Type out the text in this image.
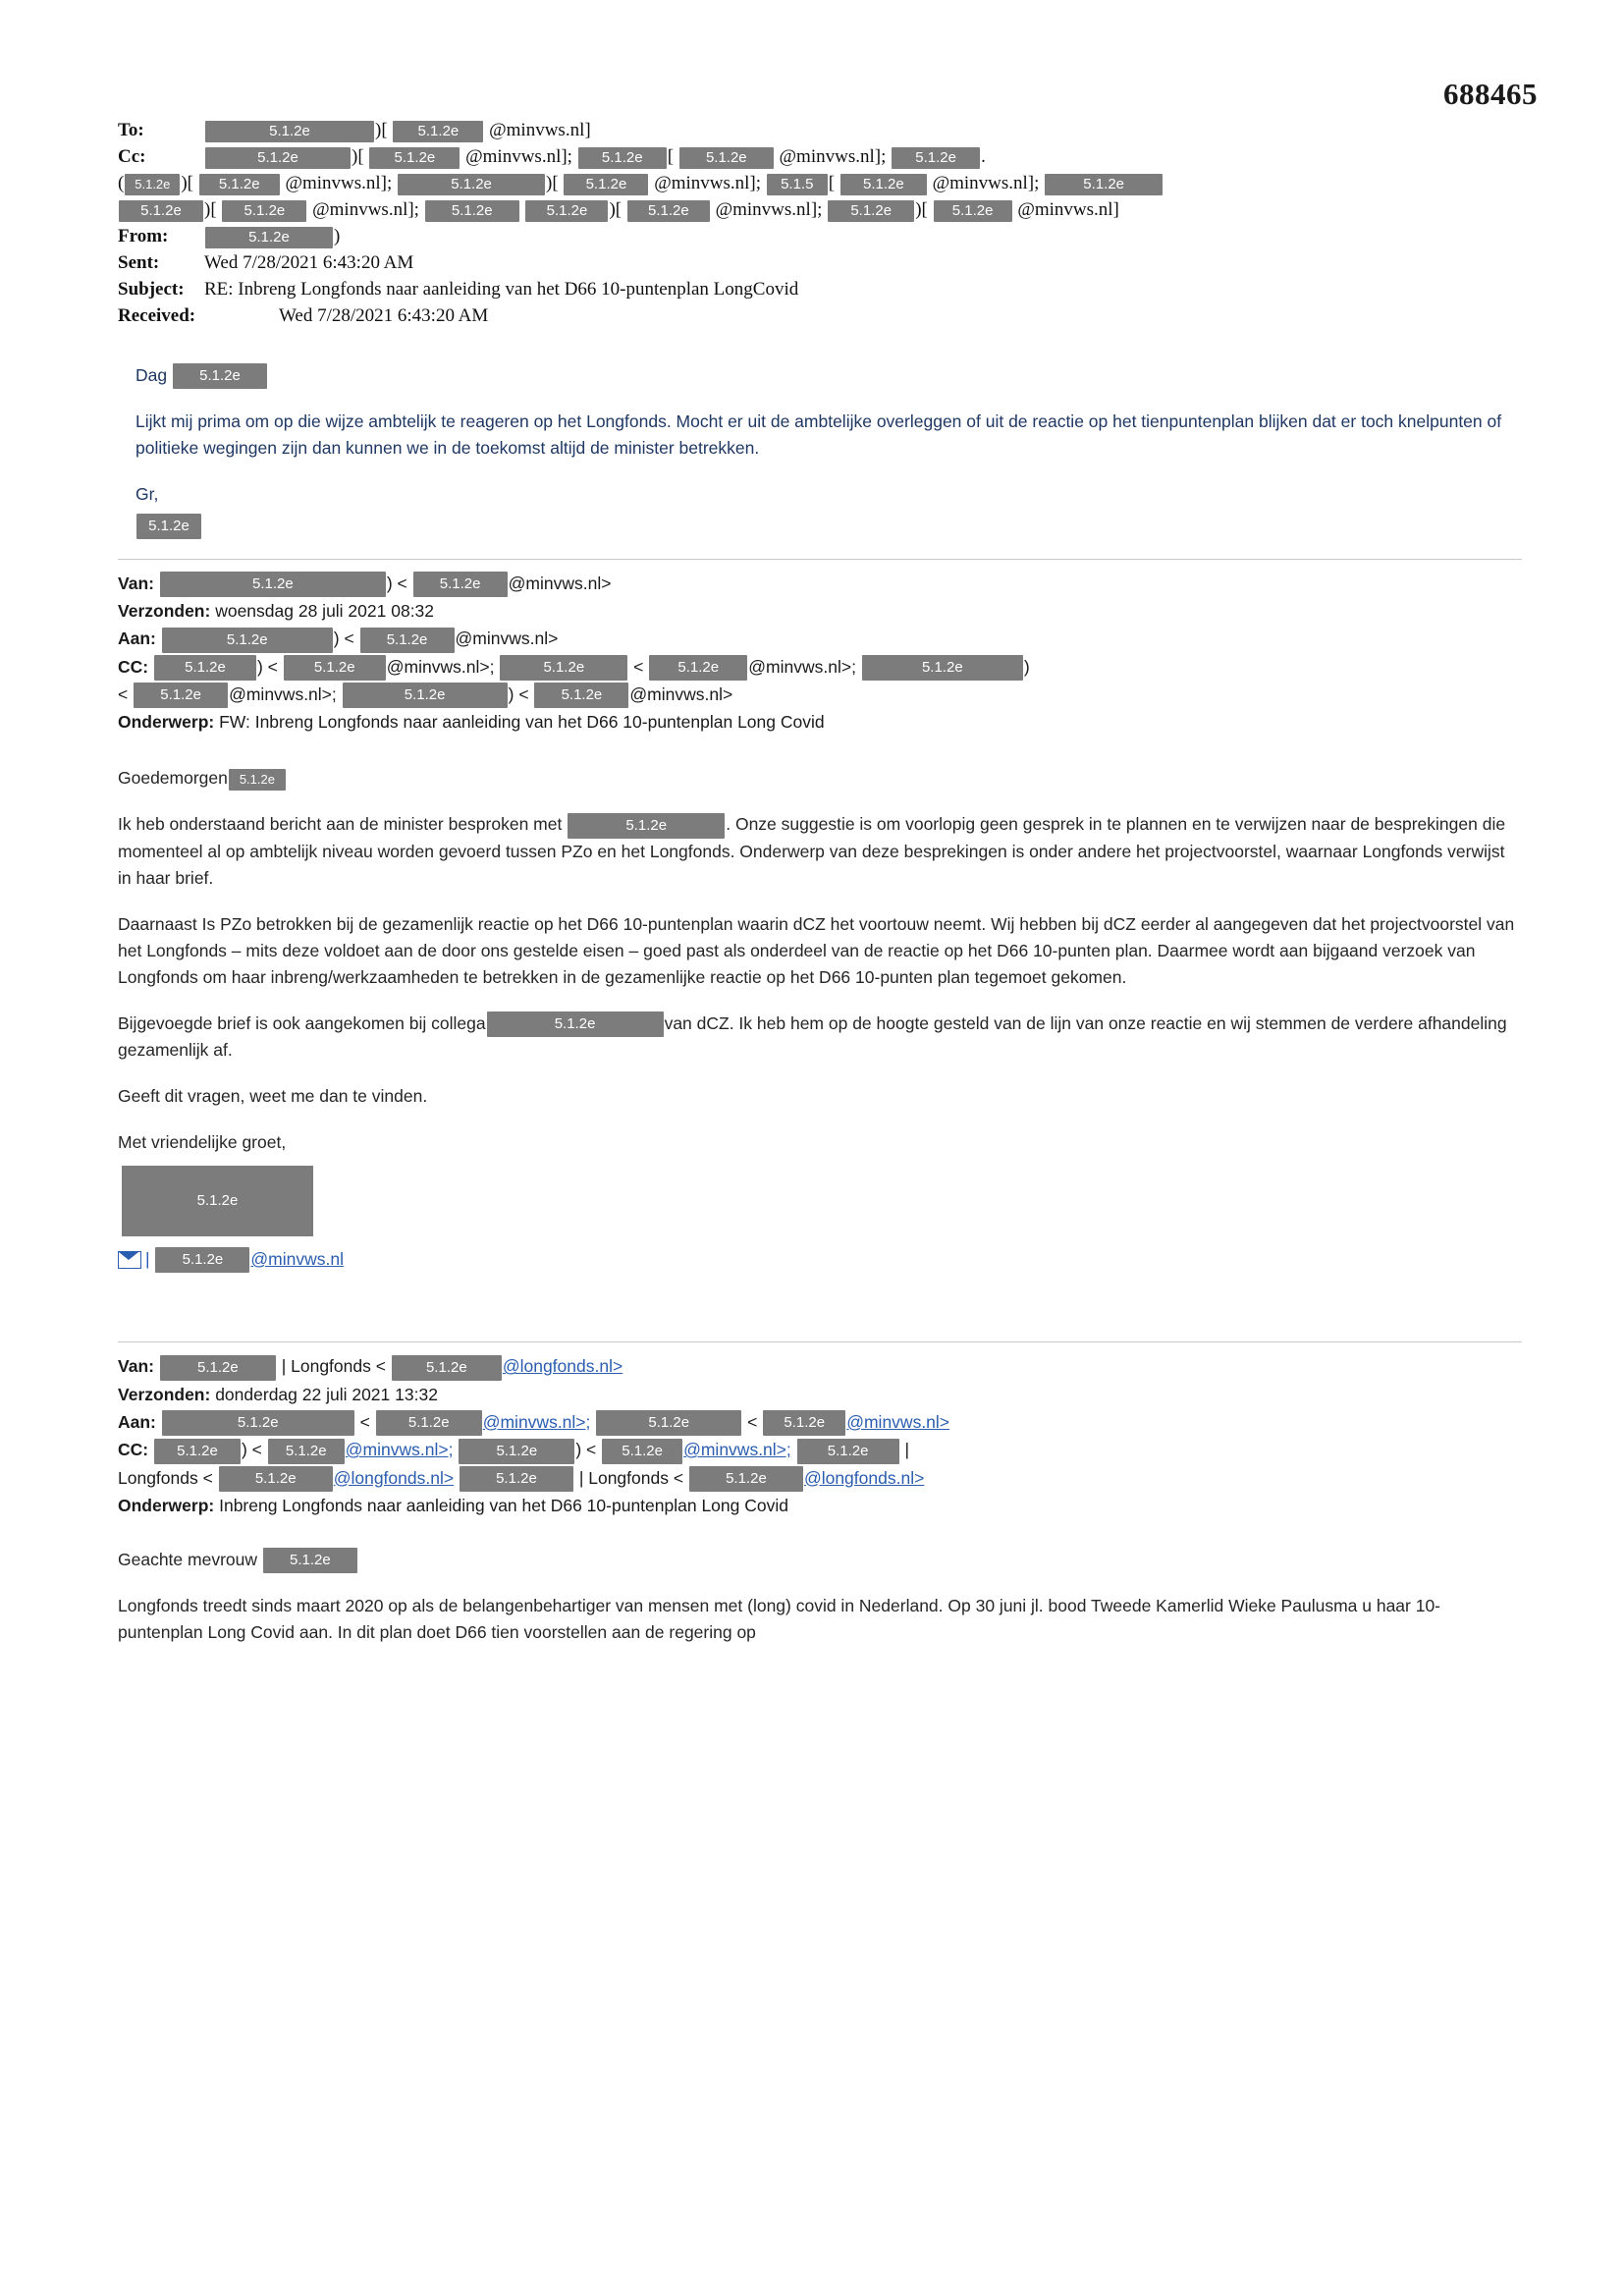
688465
To:	5.1.2e	)[ 5.1.2e @minvws.nl]
Cc:	5.1.2e	)[ 5.1.2e @minvws.nl]; 5.1.2e [ 5.1.2e @minvws.nl]; 5.1.2e .
( 5.1.2e )[ 5.1.2e @minvws.nl];	5.1.2e	)[ 5.1.2e @minvws.nl]; 5.1.5 [ 5.1.2e @minvws.nl];	5.1.2e
5.1.2e )[ 5.1.2e @minvws.nl]; 5.1.2e	5.1.2e )[ 5.1.2e @minvws.nl]; 5.1.2e )[ 5.1.2e @minvws.nl]
From:	5.1.2e )
Sent:	Wed 7/28/2021 6:43:20 AM
Subject:	RE: Inbreng Longfonds naar aanleiding van het D66 10-puntenplan LongCovid
Received:	Wed 7/28/2021 6:43:20 AM

Dag 5.1.2e

Lijkt mij prima om op die wijze ambtelijk te reageren op het Longfonds. Mocht er uit de ambtelijke overleggen of uit de reactie op het tienpuntenplan blijken dat er toch knelpunten of politieke wegingen zijn dan kunnen we in de toekomst altijd de minister betrekken.

Gr,

5.1.2e

Van:	5.1.2e	) < 5.1.2e @minvws.nl>
Verzonden: woensdag 28 juli 2021 08:32
Aan:	5.1.2e	) < 5.1.2e @minvws.nl>
CC: 5.1.2e ) < 5.1.2e @minvws.nl>;	5.1.2e	< 5.1.2e @minvws.nl>;	5.1.2e	)
< 5.1.2e @minvws.nl>;	5.1.2e	) < 5.1.2e @minvws.nl>
Onderwerp: FW: Inbreng Longfonds naar aanleiding van het D66 10-puntenplan Long Covid

Goedemorgen 5.1.2e

Ik heb onderstaand bericht aan de minister besproken met	5.1.2e	. Onze suggestie is om voorlopig geen gesprek in te plannen en te verwijzen naar de besprekingen die momenteel al op ambtelijk niveau worden gevoerd tussen PZo en het Longfonds. Onderwerp van deze besprekingen is onder andere het projectvoorstel, waarnaar Longfonds verwijst in haar brief.

Daarnaast Is PZo betrokken bij de gezamenlijk reactie op het D66 10-puntenplan waarin dCZ het voortouw neemt. Wij hebben bij dCZ eerder al aangegeven dat het projectvoorstel van het Longfonds – mits deze voldoet aan de door ons gestelde eisen – goed past als onderdeel van de reactie op het D66 10-punten plan. Daarmee wordt aan bijgaand verzoek van Longfonds om haar inbreng/werkzaamheden te betrekken in de gezamenlijke reactie op het D66 10-punten plan tegemoet gekomen.

Bijgevoegde brief is ook aangekomen bij collega	5.1.2e	van dCZ. Ik heb hem op de hoogte gesteld van de lijn van onze reactie en wij stemmen de verdere afhandeling gezamenlijk af.

Geeft dit vragen, weet me dan te vinden.

Met vriendelijke groet,

5.1.2e
| 5.1.2e @minvws.nl
Van:	5.1.2e | Longfonds < 5.1.2e @longfonds.nl>
Verzonden: donderdag 22 juli 2021 13:32
Aan:	5.1.2e	< 5.1.2e @minvws.nl>;	5.1.2e	< 5.1.2e @minvws.nl>
CC: 5.1.2e ) < 5.1.2e @minvws.nl>;	5.1.2e ) < 5.1.2e @minvws.nl>; 5.1.2e |
Longfonds <	5.1.2e @longfonds.nl>	5.1.2e | Longfonds <	5.1.2e @longfonds.nl>
Onderwerp: Inbreng Longfonds naar aanleiding van het D66 10-puntenplan Long Covid

Geachte mevrouw 5.1.2e

Longfonds treedt sinds maart 2020 op als de belangenbehartiger van mensen met (long) covid in Nederland. Op 30 juni jl. bood Tweede Kamerlid Wieke Paulusma u haar 10-puntenplan Long Covid aan. In dit plan doet D66 tien voorstellen aan de regering op
